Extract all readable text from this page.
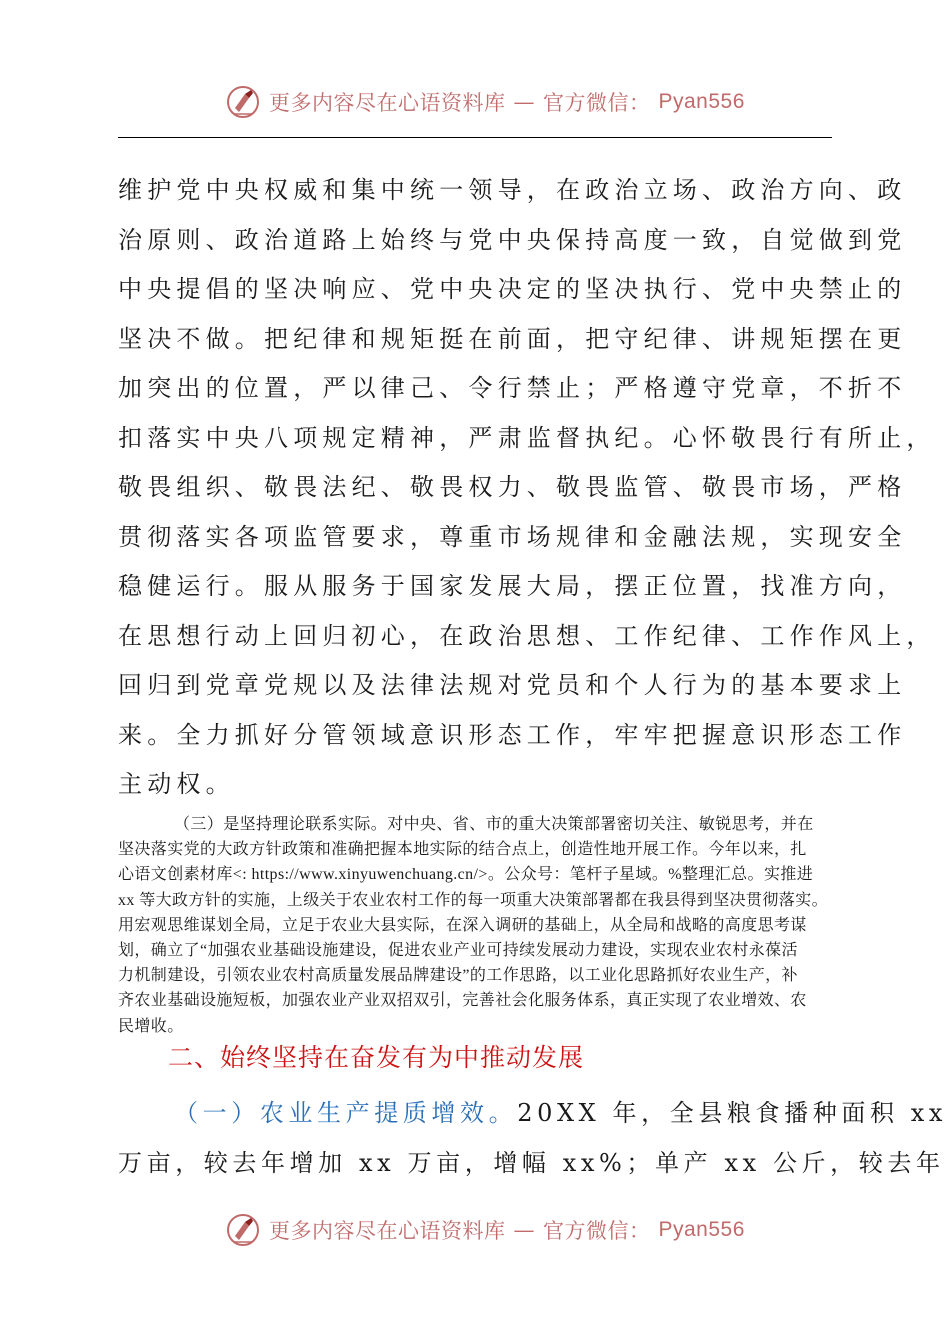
更多内容尽在心语资料库 — 官方微信： Pyan556
维护党中央权威和集中统一领导，在政治立场、政治方向、政
治原则、政治道路上始终与党中央保持高度一致，自觉做到党
中央提倡的坚决响应、党中央决定的坚决执行、党中央禁止的
坚决不做。把纪律和规矩挺在前面，把守纪律、讲规矩摆在更
加突出的位置，严以律己、令行禁止；严格遵守党章，不折不
扣落实中央八项规定精神，严肃监督执纪。心怀敬畏行有所止，
敬畏组织、敬畏法纪、敬畏权力、敬畏监管、敬畏市场，严格
贯彻落实各项监管要求，尊重市场规律和金融法规，实现安全
稳健运行。服从服务于国家发展大局，摆正位置，找准方向，
在思想行动上回归初心，在政治思想、工作纪律、工作作风上，
回归到党章党规以及法律法规对党员和个人行为的基本要求上
来。全力抓好分管领域意识形态工作，牢牢把握意识形态工作
主动权。
（三）是坚持理论联系实际。对中央、省、市的重大决策部署密切关注、敏锐思考，并在
坚决落实党的大政方针政策和准确把握本地实际的结合点上，创造性地开展工作。今年以来，扎
心语文创素材库<: https://www.xinyuwenchuang.cn/>。公众号：笔杆子星域。%整理汇总。实推进
xx 等大政方针的实施，上级关于农业农村工作的每一项重大决策部署都在我县得到坚决贯彻落实。
用宏观思维谋划全局，立足于农业大县实际，在深入调研的基础上，从全局和战略的高度思考谋
划，确立了“加强农业基础设施建设，促进农业产业可持续发展动力建设，实现农业农村永葆活
力机制建设，引领农业农村高质量发展品牌建设”的工作思路，以工业化思路抓好农业生产，补
齐农业基础设施短板，加强农业产业双招双引，完善社会化服务体系，真正实现了农业增效、农
民增收。
二、始终坚持在奋发有为中推动发展
（一）农业生产提质增效。20XX 年，全县粮食播种面积 xx
万亩，较去年增加 xx 万亩，增幅 xx%；单产 xx 公斤，较去年
更多内容尽在心语资料库 — 官方微信： Pyan556
